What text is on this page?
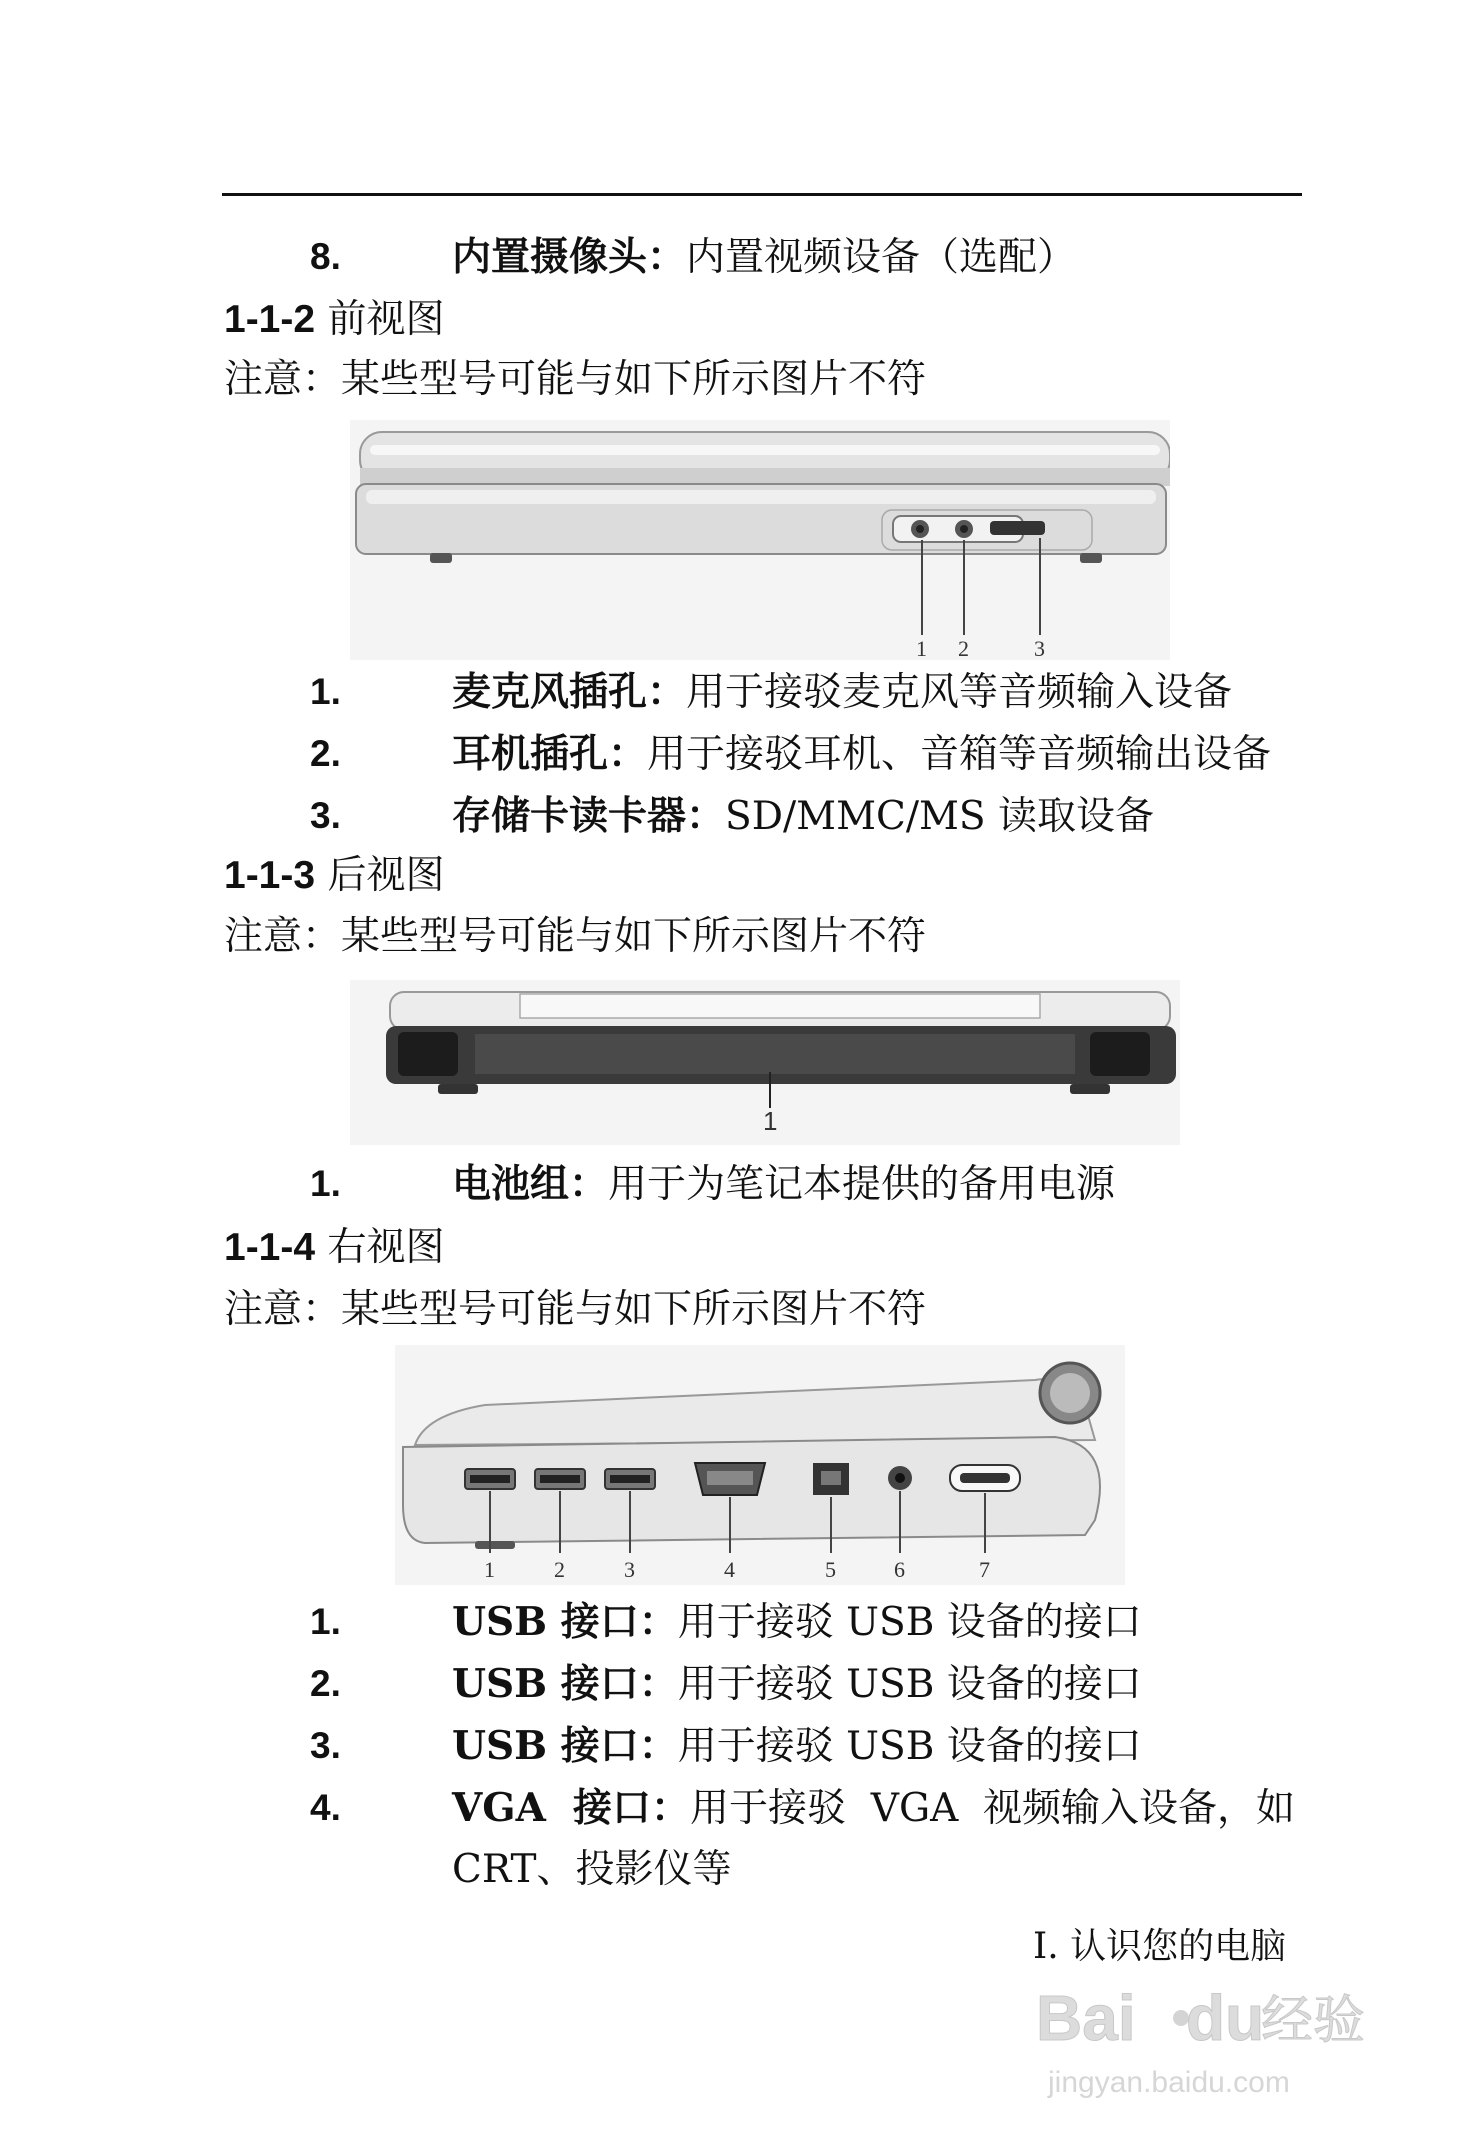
8.	内置摄像头：内置视频设备（选配）
1-1-2 前视图
注意：某些型号可能与如下所示图片不符
1 2	3
1.	麦克风插孔：用于接驳麦克风等音频输入设备
2.	耳机插孔：用于接驳耳机、音箱等音频输出设备
3.	存储卡读卡器：SD/MMC/MS 读取设备
1-1-3 后视图
注意：某些型号可能与如下所示图片不符
1
1.	电池组：用于为笔记本提供的备用电源
1-1-4 右视图
注意：某些型号可能与如下所示图片不符
1	2	3	4	5	6	7
1.	USB 接口：用于接驳 USB 设备的接口
2.	USB 接口：用于接驳 USB 设备的接口
3.	USB 接口：用于接驳 USB 设备的接口
4.	VGA  接口：用于接驳  VGA  视频输入设备，如
CRT、投影仪等
I. 认识您的电脑
Bai du
经验
jingyan.baidu.com
